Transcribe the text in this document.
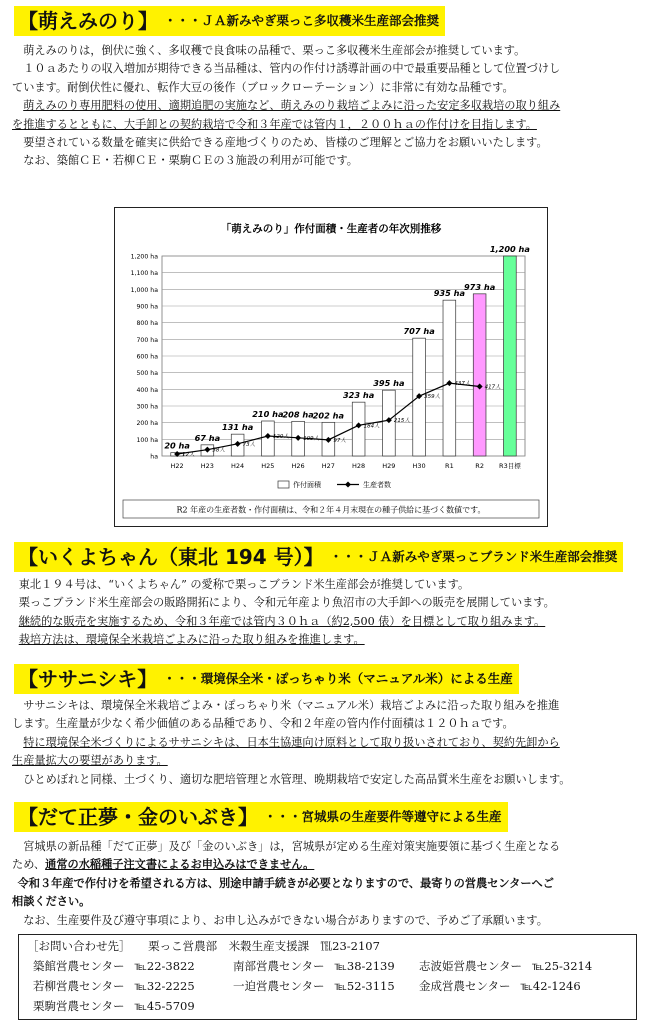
【萌えみのり】 ・・・ＪＡ新みやぎ栗っこ多収穫米生産部会推奨

萌えみのりは，倒伏に強く、多収穫で良食味の品種で、栗っこ多収穫米生産部会が推奨しています。

１０ａあたりの収入増加が期待できる当品種は、管内の作付け誘導計画の中で最重要品種として位置づけし

ています。耐倒伏性に優れ、転作大豆の後作（ブロックローテーション）に非常に有効な品種です。

萌えみのり専用肥料の使用、適期追肥の実施など、萌えみのり栽培ごよみに沿った安定多収栽培の取り組み

を推進するとともに、大手卸との契約栽培で令和３年産では管内１，２００ｈａの作付けを目指します。

要望されている数量を確実に供給できる産地づくりのため、皆様のご理解とご協力をお願いいたします。

なお、築館ＣＥ・若柳ＣＥ・栗駒ＣＥの３施設の利用が可能です。

「萌えみのり」作付面積・生産者の年次別推移
ha
100 ha
200 ha
300 ha
400 ha
500 ha
600 ha
700 ha
800 ha
900 ha
1,000 ha
1,100 ha
1,200 ha
20 ha
H22
67 ha
H23
131 ha
H24
210 ha
H25
208 ha
H26
202 ha
H27
323 ha
H28
395 ha
H29
707 ha
H30
935 ha
R1
973 ha
R2
1,200 ha
R3目標
12人
38人
73人
120人	109人	97人
184人
215人
359人
437人
417人
作付面積	生産者数
R2 年産の生産者数・作付面積は、令和２年４月末現在の種子供給に基づく数値です。
【いくよちゃん（東北 194 号）】 ・・・ＪＡ新みやぎ栗っこブランド米生産部会推奨

東北１９４号は、“いくよちゃん” の愛称で栗っこブランド米生産部会が推奨しています。

栗っこブランド米生産部会の販路開拓により、令和元年産より魚沼市の大手卸への販売を展開しています。

継続的な販売を実施するため、令和３年産では管内３０ｈａ（約2,500 俵）を目標として取り組みます。

栽培方法は、環境保全米栽培ごよみに沿った取り組みを推進します。

【ササニシキ】 ・・・環境保全米・ぽっちゃり米（マニュアル米）による生産

ササニシキは、環境保全米栽培ごよみ・ぽっちゃり米（マニュアル米）栽培ごよみに沿った取り組みを推進

します。生産量が少なく希少価値のある品種であり、令和２年産の管内作付面積は１２０ｈａです。

特に環境保全米づくりによるササニシキは、日本生協連向け原料として取り扱いされており、契約先卸から

生産量拡大の要望があります。

ひとめぼれと同様、土づくり、適切な肥培管理と水管理、晩期栽培で安定した高品質米生産をお願いします。

【だて正夢・金のいぶき】 ・・・宮城県の生産要件等遵守による生産

宮城県の新品種「だて正夢」及び「金のいぶき」は，宮城県が定める生産対策実施要領に基づく生産となる

ため、通常の水稲種子注文書によるお申込みはできません。

令和３年産で作付けを希望される方は、別途申請手続きが必要となりますので、最寄りの営農センターへご

相談ください。

なお、生産要件及び遵守事項により、お申し込みができない場合がありますので、予めご了承願います。

［お問い合わせ先］ 栗っこ営農部　米穀生産支援課　℡23-2107
築館営農センター ℡22-3822	南部営農センター ℡38-2139 志波姫営農センター ℡25-3214
若柳営農センター ℡32-2225	一迫営農センター ℡52-3115 金成営農センター ℡42-1246
栗駒営農センター ℡45-5709
